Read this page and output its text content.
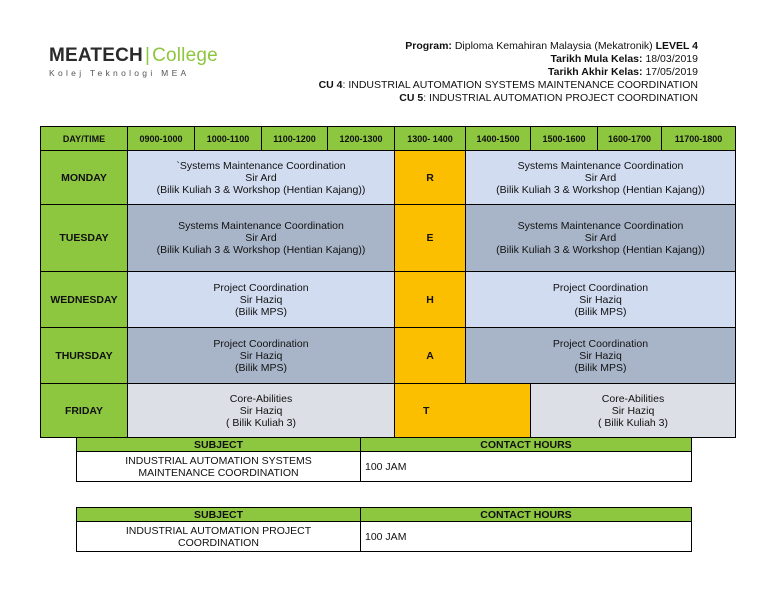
MEATECH | College
Kolej Teknologi MEA
Program: Diploma Kemahiran Malaysia (Mekatronik) LEVEL 4
Tarikh Mula Kelas: 18/03/2019
Tarikh Akhir Kelas: 17/05/2019
CU 4: INDUSTRIAL AUTOMATION SYSTEMS MAINTENANCE COORDINATION
CU 5: INDUSTRIAL AUTOMATION PROJECT COORDINATION
DAY/TIME	0900-1000	1000-1100	1100-1200	1200-1300	1300- 1400	1400-1500	1500-1600	1600-1700	11700-1800
MONDAY	`Systems Maintenance Coordination
Sir Ard
(Bilik Kuliah 3 & Workshop (Hentian Kajang))				R	Systems Maintenance Coordination
Sir Ard
(Bilik Kuliah 3 & Workshop (Hentian Kajang))			

TUESDAY	Systems Maintenance Coordination
Sir Ard
(Bilik Kuliah 3 & Workshop (Hentian Kajang))				E	Systems Maintenance Coordination
Sir Ard
(Bilik Kuliah 3 & Workshop (Hentian Kajang))			

WEDNESDAY	Project Coordination
Sir Haziq
(Bilik MPS)				H	Project Coordination
Sir Haziq
(Bilik MPS)			

THURSDAY	Project Coordination
Sir Haziq
(Bilik MPS)				A	Project Coordination
Sir Haziq
(Bilik MPS)			

FRIDAY	Core-Abilities
Sir Haziq
( Bilik Kuliah 3)				T		Core-Abilities
Sir Haziq
( Bilik Kuliah 3)		
SUBJECT	CONTACT HOURS

INDUSTRIAL AUTOMATION SYSTEMS
MAINTENANCE COORDINATION	100 JAM
SUBJECT	CONTACT HOURS

INDUSTRIAL AUTOMATION PROJECT
COORDINATION	100 JAM
